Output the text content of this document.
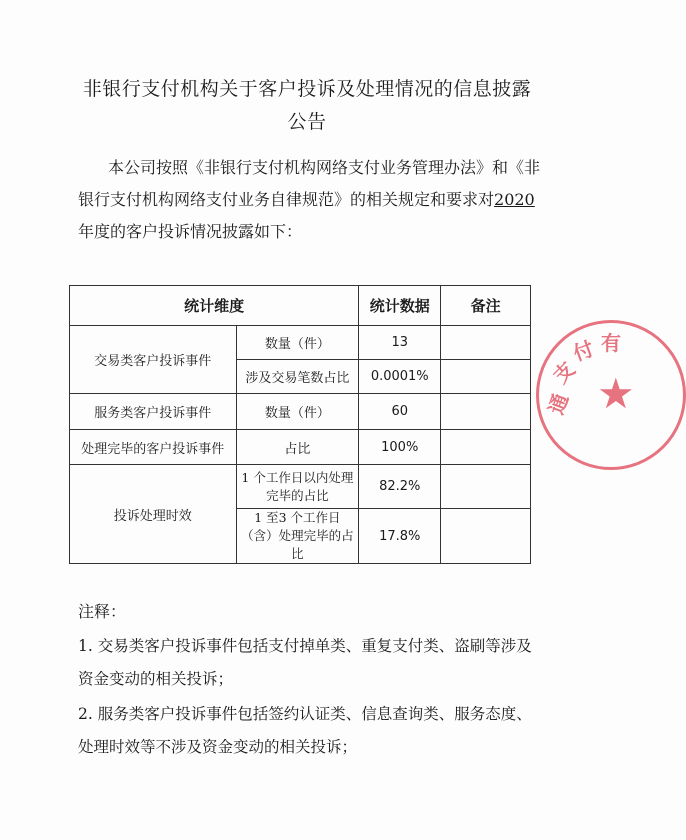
非银行支付机构关于客户投诉及处理情况的信息披露
公告
本公司按照《非银行支付机构网络支付业务管理办法》和《非银行支付机构网络支付业务自律规范》的相关规定和要求对2020年度的客户投诉情况披露如下：
统计维度		统计数据	备注
交易类客户投诉事件	数量（件）	13	
	涉及交易笔数占比	0.0001%	
服务类客户投诉事件	数量（件）	60	
处理完毕的客户投诉事件	占比	100%	
投诉处理时效	1 个工作日以内处理完毕的占比	82.2%	
	1 至3 个工作日（含）处理完毕的占比	17.8%	
注释：
1. 交易类客户投诉事件包括支付掉单类、重复支付类、盗刷等涉及资金变动的相关投诉；
2. 服务类客户投诉事件包括签约认证类、信息查询类、服务态度、处理时效等不涉及资金变动的相关投诉；
通
支
付 有
★
